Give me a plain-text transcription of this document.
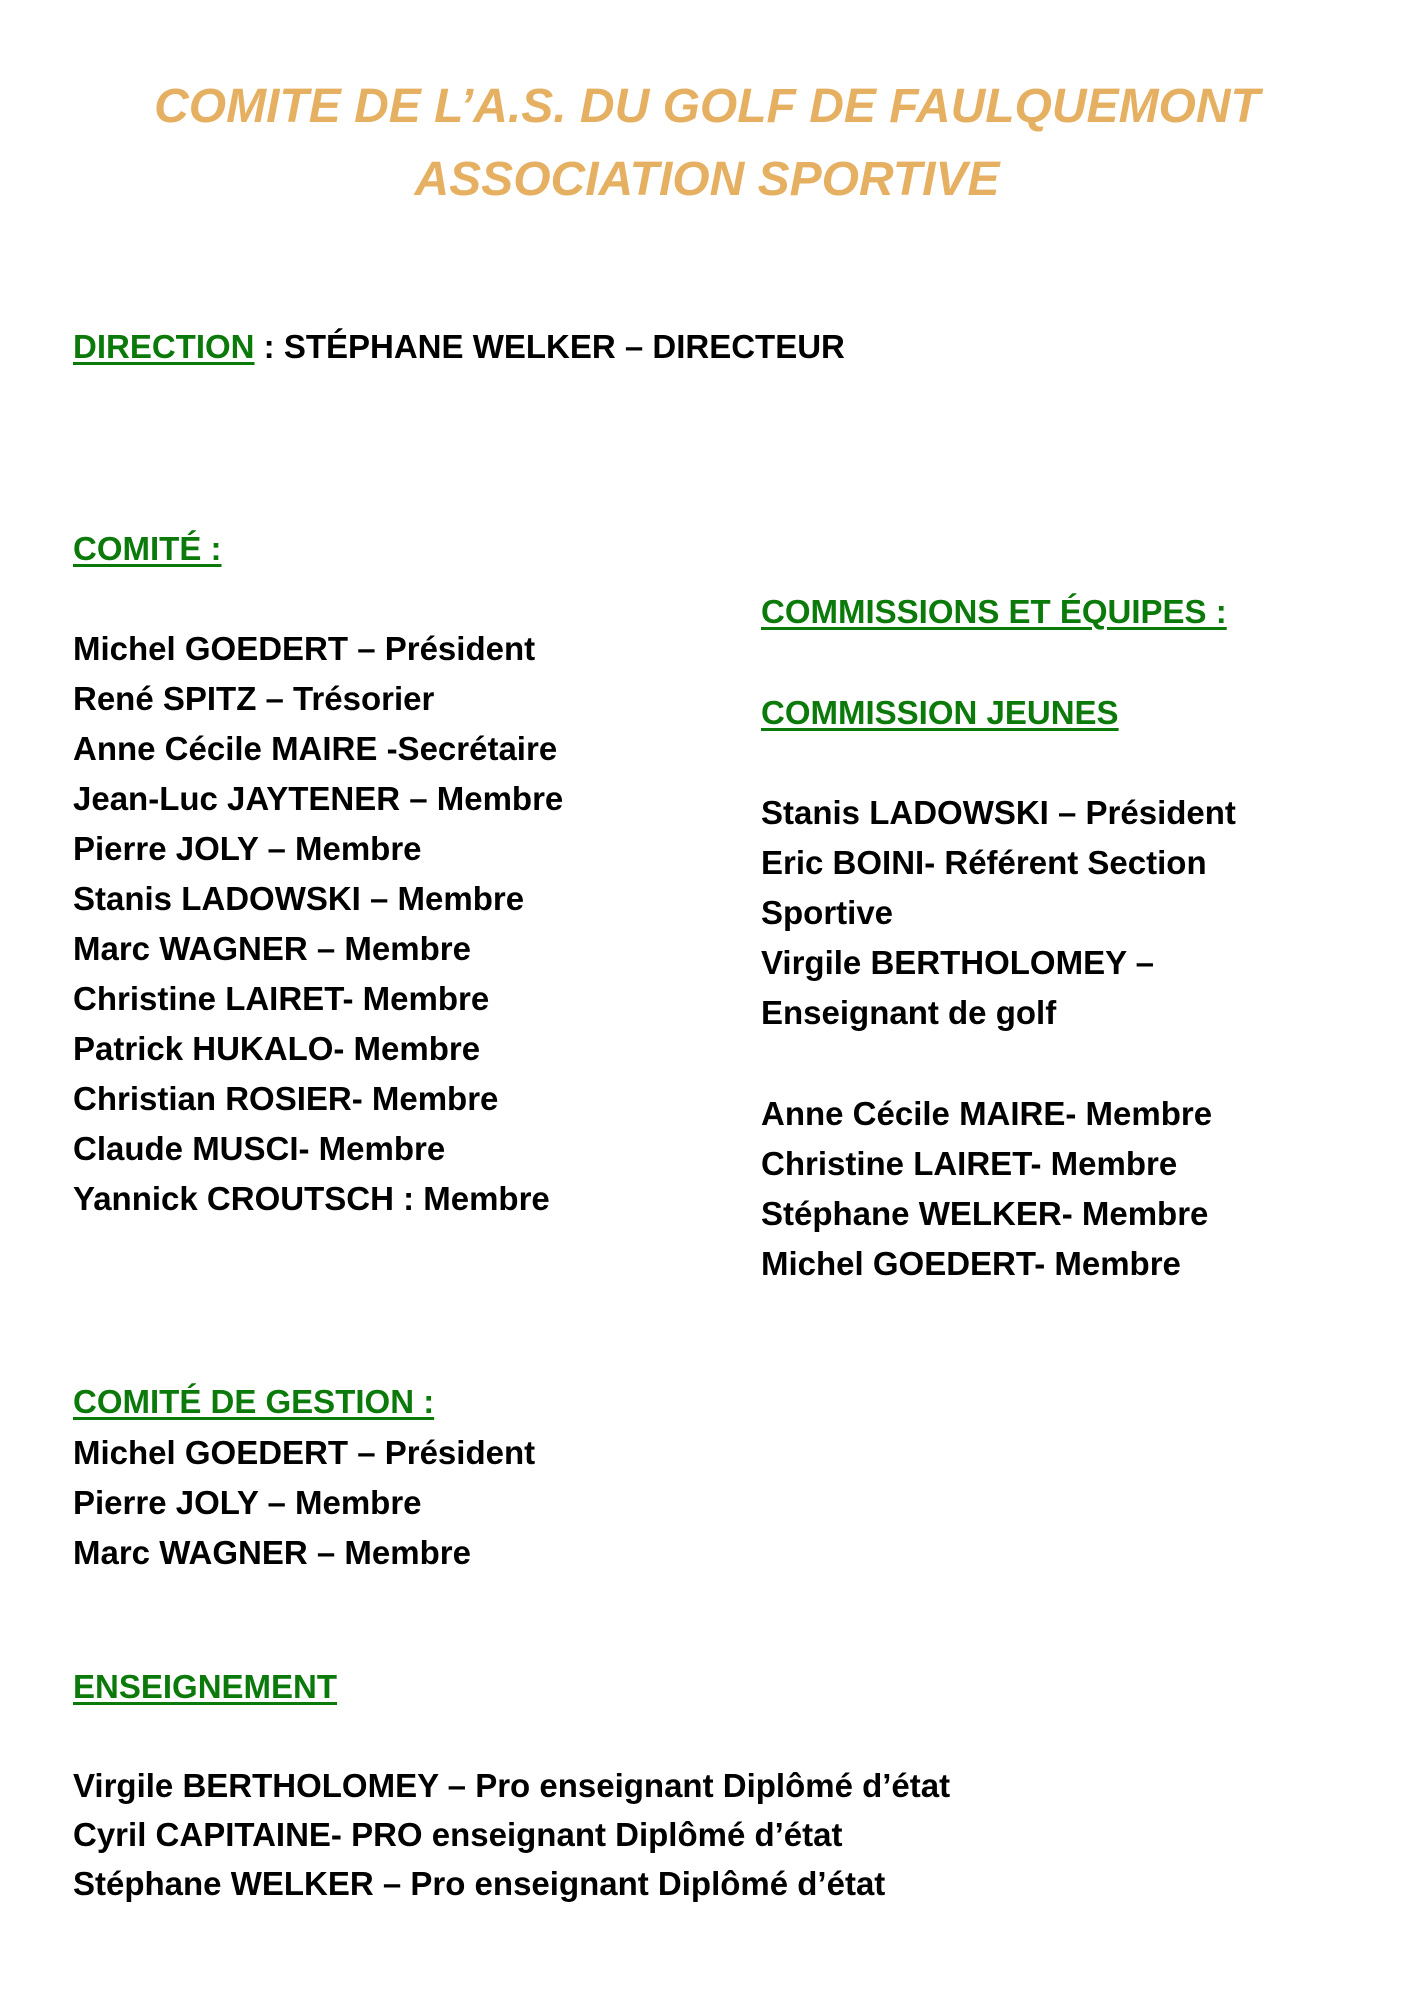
COMITE DE L’A.S. DU GOLF DE FAULQUEMONT
ASSOCIATION SPORTIVE
DIRECTION : STÉPHANE WELKER – DIRECTEUR
COMITÉ :
Michel GOEDERT – Président
René SPITZ – Trésorier
Anne Cécile MAIRE -Secrétaire
Jean-Luc JAYTENER – Membre
Pierre JOLY – Membre
Stanis LADOWSKI – Membre
Marc WAGNER – Membre
Christine LAIRET- Membre
Patrick HUKALO- Membre
Christian ROSIER- Membre
Claude MUSCI- Membre
Yannick CROUTSCH : Membre
COMMISSIONS ET ÉQUIPES :
COMMISSION JEUNES
Stanis LADOWSKI – Président
Eric BOINI- Référent Section
Sportive
Virgile BERTHOLOMEY –
Enseignant de golf
Anne Cécile MAIRE- Membre
Christine LAIRET- Membre
Stéphane WELKER- Membre
Michel GOEDERT- Membre
COMITÉ DE GESTION :
Michel GOEDERT – Président
Pierre JOLY – Membre
Marc WAGNER – Membre
ENSEIGNEMENT
Virgile BERTHOLOMEY – Pro enseignant Diplômé d’état
Cyril CAPITAINE- PRO enseignant Diplômé d’état
Stéphane WELKER – Pro enseignant Diplômé d’état
